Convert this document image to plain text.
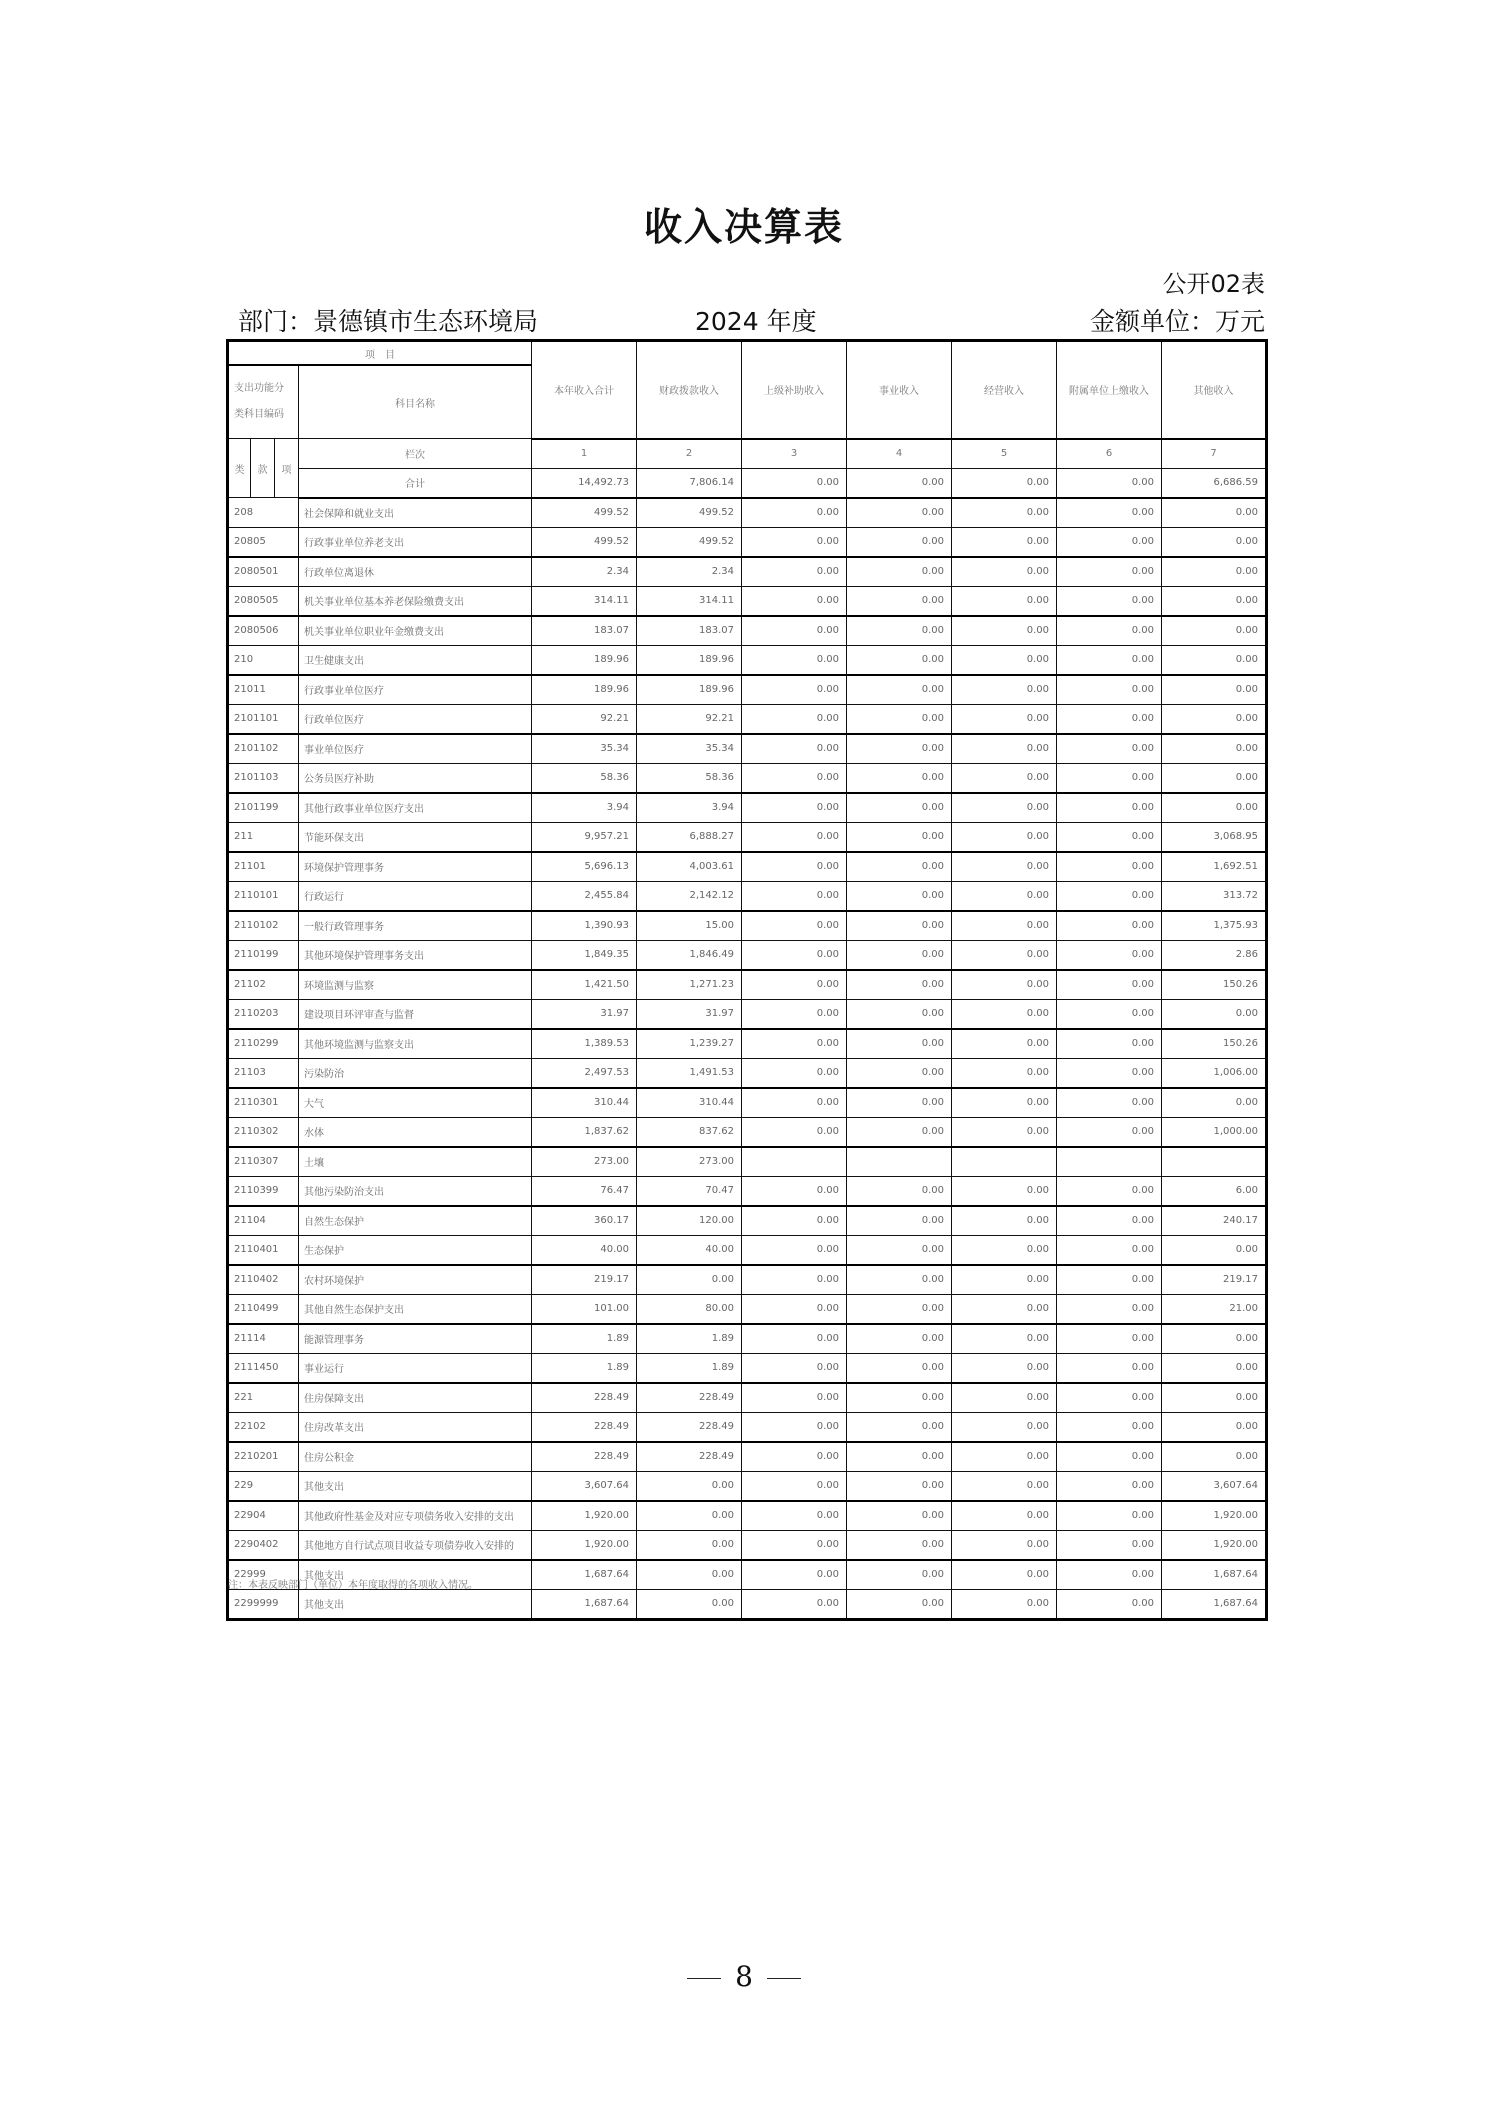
收入决算表
公开02表
部门：景德镇市生态环境局	2024 年度	金额单位：万元
项　目				本年收入合计	财政拨款收入	上级补助收入	事业收入	经营收入	附属单位上缴收入	其他收入
支出功能分类科目编码			科目名称							
类	款	项	栏次	1	2	3	4	5	6	7
			合计	14,492.73	7,806.14	0.00	0.00	0.00	0.00	6,686.59
208			社会保障和就业支出	499.52	499.52	0.00	0.00	0.00	0.00	0.00
20805			行政事业单位养老支出	499.52	499.52	0.00	0.00	0.00	0.00	0.00
2080501			行政单位离退休	2.34	2.34	0.00	0.00	0.00	0.00	0.00
2080505			机关事业单位基本养老保险缴费支出	314.11	314.11	0.00	0.00	0.00	0.00	0.00
2080506			机关事业单位职业年金缴费支出	183.07	183.07	0.00	0.00	0.00	0.00	0.00
210			卫生健康支出	189.96	189.96	0.00	0.00	0.00	0.00	0.00
21011			行政事业单位医疗	189.96	189.96	0.00	0.00	0.00	0.00	0.00
2101101			行政单位医疗	92.21	92.21	0.00	0.00	0.00	0.00	0.00
2101102			事业单位医疗	35.34	35.34	0.00	0.00	0.00	0.00	0.00
2101103			公务员医疗补助	58.36	58.36	0.00	0.00	0.00	0.00	0.00
2101199			其他行政事业单位医疗支出	3.94	3.94	0.00	0.00	0.00	0.00	0.00
211			节能环保支出	9,957.21	6,888.27	0.00	0.00	0.00	0.00	3,068.95
21101			环境保护管理事务	5,696.13	4,003.61	0.00	0.00	0.00	0.00	1,692.51
2110101			行政运行	2,455.84	2,142.12	0.00	0.00	0.00	0.00	313.72
2110102			一般行政管理事务	1,390.93	15.00	0.00	0.00	0.00	0.00	1,375.93
2110199			其他环境保护管理事务支出	1,849.35	1,846.49	0.00	0.00	0.00	0.00	2.86
21102			环境监测与监察	1,421.50	1,271.23	0.00	0.00	0.00	0.00	150.26
2110203			建设项目环评审查与监督	31.97	31.97	0.00	0.00	0.00	0.00	0.00
2110299			其他环境监测与监察支出	1,389.53	1,239.27	0.00	0.00	0.00	0.00	150.26
21103			污染防治	2,497.53	1,491.53	0.00	0.00	0.00	0.00	1,006.00
2110301			大气	310.44	310.44	0.00	0.00	0.00	0.00	0.00
2110302			水体	1,837.62	837.62	0.00	0.00	0.00	0.00	1,000.00
2110307			土壤	273.00	273.00					
2110399			其他污染防治支出	76.47	70.47	0.00	0.00	0.00	0.00	6.00
21104			自然生态保护	360.17	120.00	0.00	0.00	0.00	0.00	240.17
2110401			生态保护	40.00	40.00	0.00	0.00	0.00	0.00	0.00
2110402			农村环境保护	219.17	0.00	0.00	0.00	0.00	0.00	219.17
2110499			其他自然生态保护支出	101.00	80.00	0.00	0.00	0.00	0.00	21.00
21114			能源管理事务	1.89	1.89	0.00	0.00	0.00	0.00	0.00
2111450			事业运行	1.89	1.89	0.00	0.00	0.00	0.00	0.00
221			住房保障支出	228.49	228.49	0.00	0.00	0.00	0.00	0.00
22102			住房改革支出	228.49	228.49	0.00	0.00	0.00	0.00	0.00
2210201			住房公积金	228.49	228.49	0.00	0.00	0.00	0.00	0.00
229			其他支出	3,607.64	0.00	0.00	0.00	0.00	0.00	3,607.64
22904			其他政府性基金及对应专项债务收入安排的支出	1,920.00	0.00	0.00	0.00	0.00	0.00	1,920.00
2290402			其他地方自行试点项目收益专项债券收入安排的	1,920.00	0.00	0.00	0.00	0.00	0.00	1,920.00
22999			其他支出	1,687.64	0.00	0.00	0.00	0.00	0.00	1,687.64
2299999			其他支出	1,687.64	0.00	0.00	0.00	0.00	0.00	1,687.64
注：本表反映部门（单位）本年度取得的各项收入情况。
8
